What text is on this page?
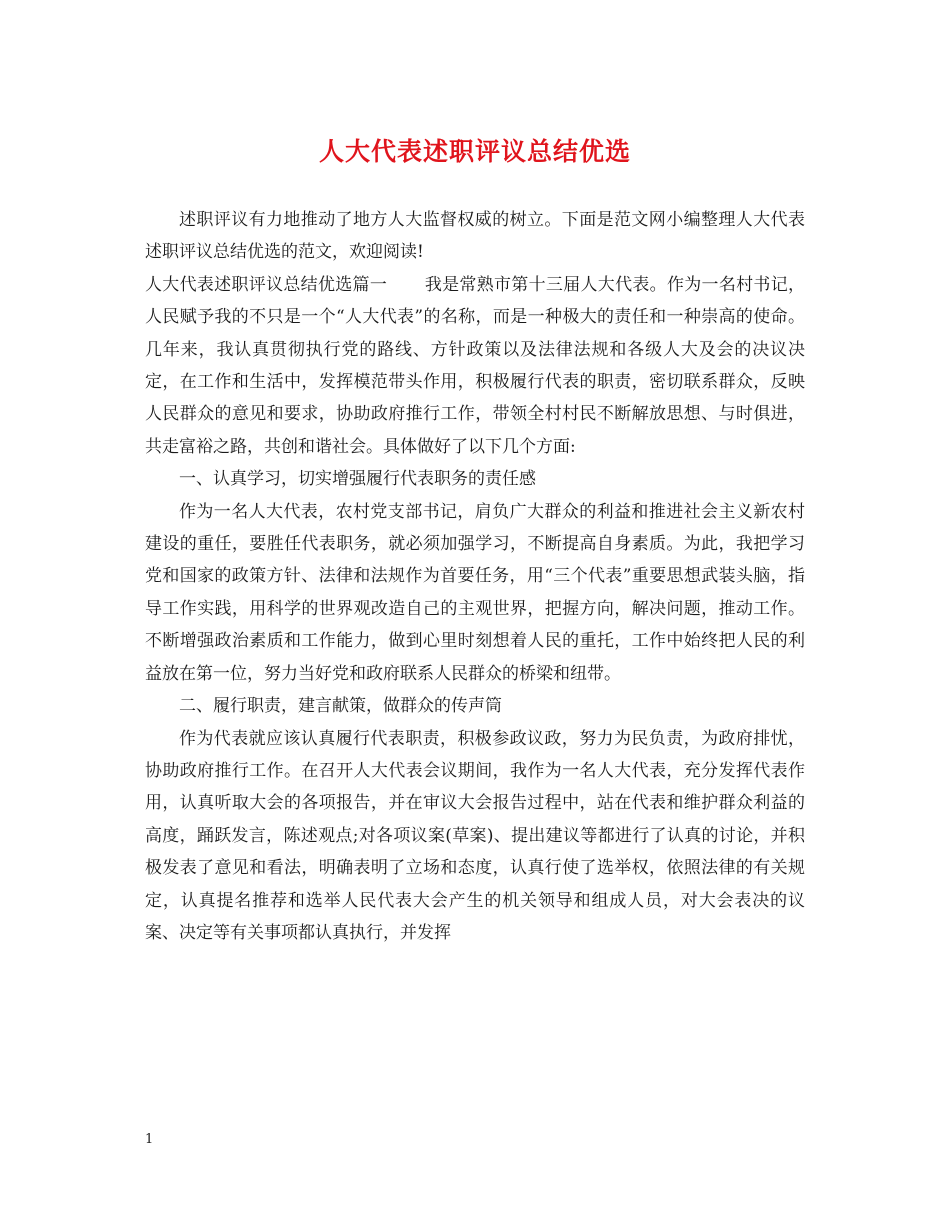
人大代表述职评议总结优选

述职评议有力地推动了地方人大监督权威的树立。下面是范文网小编整理人大代表述职评议总结优选的范文，欢迎阅读!

人大代表述职评议总结优选篇一 我是常熟市第十三届人大代表。作为一名村书记，人民赋予我的不只是一个“人大代表”的名称，而是一种极大的责任和一种崇高的使命。几年来，我认真贯彻执行党的路线、方针政策以及法律法规和各级人大及会的决议决定，在工作和生活中，发挥模范带头作用，积极履行代表的职责，密切联系群众，反映人民群众的意见和要求，协助政府推行工作，带领全村村民不断解放思想、与时俱进，共走富裕之路，共创和谐社会。具体做好了以下几个方面:

一、认真学习，切实增强履行代表职务的责任感

作为一名人大代表，农村党支部书记，肩负广大群众的利益和推进社会主义新农村建设的重任，要胜任代表职务，就必须加强学习，不断提高自身素质。为此，我把学习党和国家的政策方针、法律和法规作为首要任务，用“三个代表”重要思想武装头脑，指导工作实践，用科学的世界观改造自己的主观世界，把握方向，解决问题，推动工作。不断增强政治素质和工作能力，做到心里时刻想着人民的重托，工作中始终把人民的利益放在第一位，努力当好党和政府联系人民群众的桥梁和纽带。

二、履行职责，建言献策，做群众的传声筒

作为代表就应该认真履行代表职责，积极参政议政，努力为民负责，为政府排忧，协助政府推行工作。在召开人大代表会议期间，我作为一名人大代表，充分发挥代表作用，认真听取大会的各项报告，并在审议大会报告过程中，站在代表和维护群众利益的高度，踊跃发言，陈述观点;对各项议案(草案)、提出建议等都进行了认真的讨论，并积极发表了意见和看法，明确表明了立场和态度，认真行使了选举权，依照法律的有关规定，认真提名推荐和选举人民代表大会产生的机关领导和组成人员，对大会表决的议案、决定等有关事项都认真执行，并发挥

1
